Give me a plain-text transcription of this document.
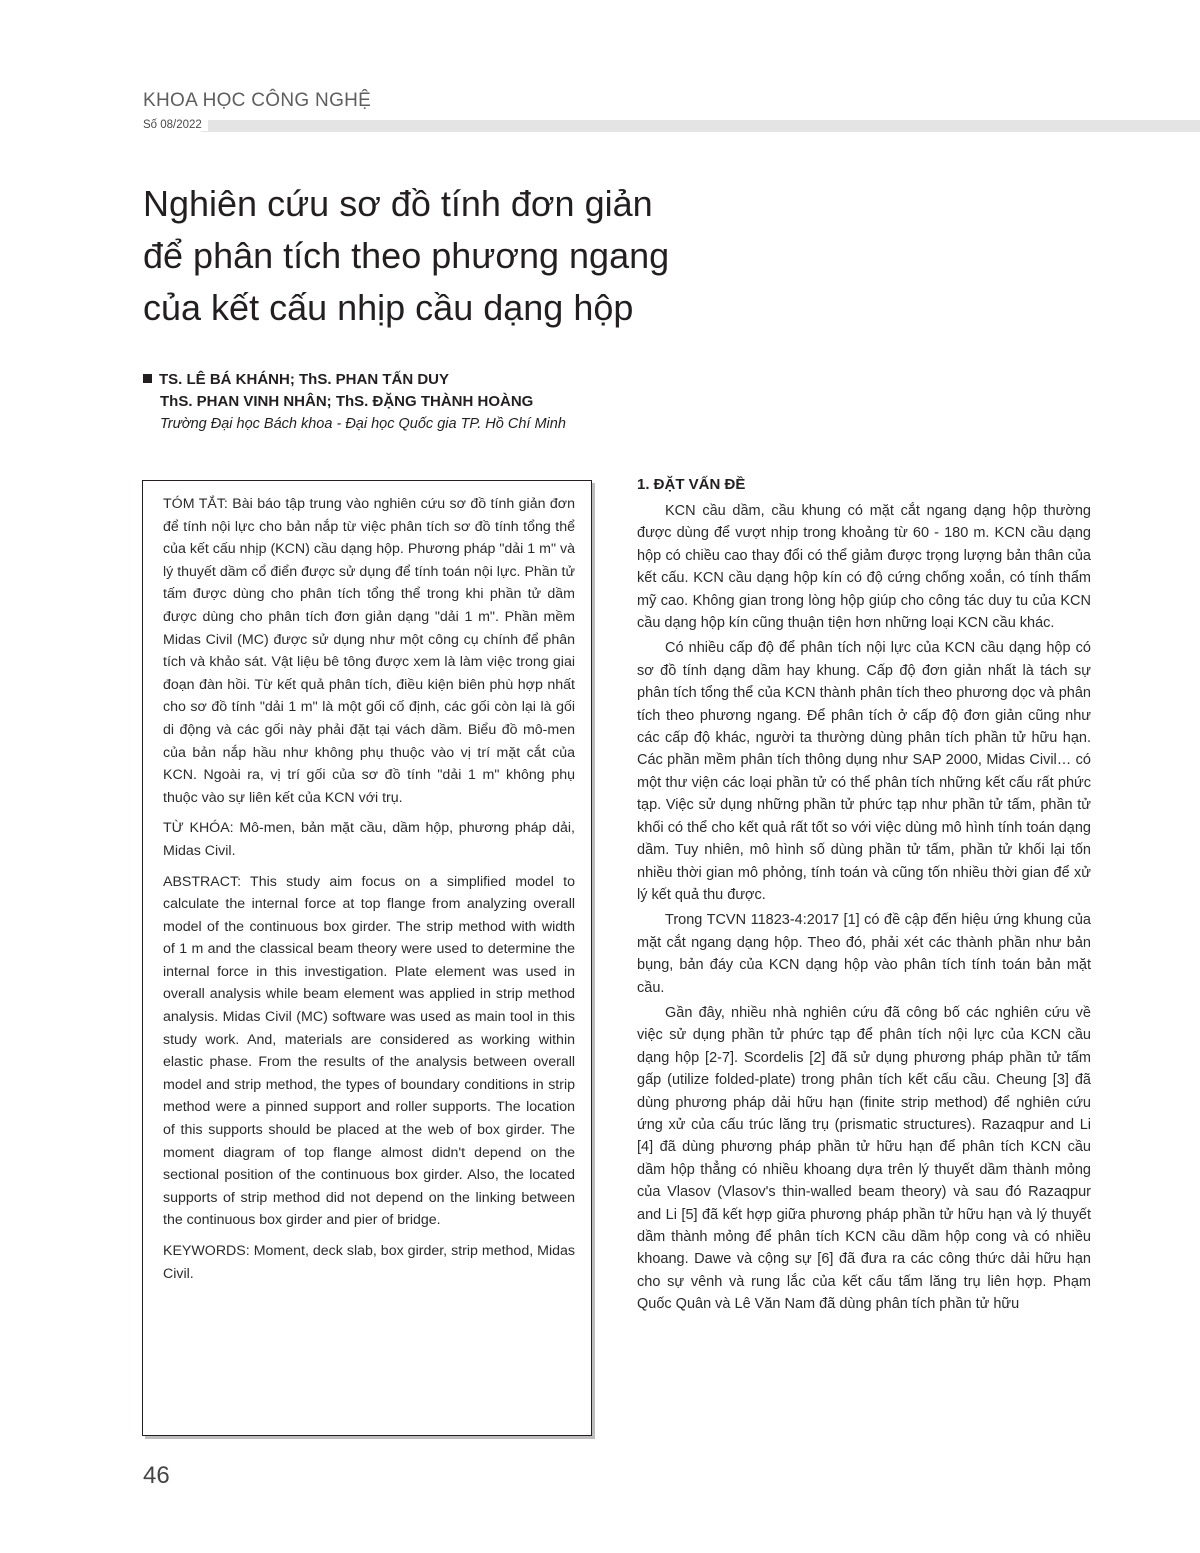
KHOA HỌC CÔNG NGHỆ
Số 08/2022
Nghiên cứu sơ đồ tính đơn giản
để phân tích theo phương ngang
của kết cấu nhịp cầu dạng hộp
TS. LÊ BÁ KHÁNH; ThS. PHAN TẤN DUY
ThS. PHAN VINH NHÂN; ThS. ĐẶNG THÀNH HOÀNG
Trường Đại học Bách khoa - Đại học Quốc gia TP. Hồ Chí Minh

TÓM TẮT: Bài báo tập trung vào nghiên cứu sơ đồ tính giản đơn để tính nội lực cho bản nắp từ việc phân tích sơ đồ tính tổng thể của kết cấu nhịp (KCN) cầu dạng hộp. Phương pháp "dải 1 m" và lý thuyết dầm cổ điển được sử dụng để tính toán nội lực. Phần tử tấm được dùng cho phân tích tổng thể trong khi phần tử dầm được dùng cho phân tích đơn giản dạng "dải 1 m". Phần mềm Midas Civil (MC) được sử dụng như một công cụ chính để phân tích và khảo sát. Vật liệu bê tông được xem là làm việc trong giai đoạn đàn hồi. Từ kết quả phân tích, điều kiện biên phù hợp nhất cho sơ đồ tính "dải 1 m" là một gối cố định, các gối còn lại là gối di động và các gối này phải đặt tại vách dầm. Biểu đồ mô-men của bản nắp hầu như không phụ thuộc vào vị trí mặt cắt của KCN. Ngoài ra, vị trí gối của sơ đồ tính "dải 1 m" không phụ thuộc vào sự liên kết của KCN với trụ.

TỪ KHÓA: Mô-men, bản mặt cầu, dầm hộp, phương pháp dải, Midas Civil.

ABSTRACT: This study aim focus on a simplified model to calculate the internal force at top flange from analyzing overall model of the continuous box girder. The strip method with width of 1 m and the classical beam theory were used to determine the internal force in this investigation. Plate element was used in overall analysis while beam element was applied in strip method analysis. Midas Civil (MC) software was used as main tool in this study work. And, materials are considered as working within elastic phase. From the results of the analysis between overall model and strip method, the types of boundary conditions in strip method were a pinned support and roller supports. The location of this supports should be placed at the web of box girder. The moment diagram of top flange almost didn't depend on the sectional position of the continuous box girder. Also, the located supports of strip method did not depend on the linking between the continuous box girder and pier of bridge.

KEYWORDS: Moment, deck slab, box girder, strip method, Midas Civil.

1. ĐẶT VẤN ĐỀ

KCN cầu dầm, cầu khung có mặt cắt ngang dạng hộp thường được dùng để vượt nhịp trong khoảng từ 60 - 180 m. KCN cầu dạng hộp có chiều cao thay đổi có thể giảm được trọng lượng bản thân của kết cấu. KCN cầu dạng hộp kín có độ cứng chống xoắn, có tính thẩm mỹ cao. Không gian trong lòng hộp giúp cho công tác duy tu của KCN cầu dạng hộp kín cũng thuận tiện hơn những loại KCN cầu khác.

Có nhiều cấp độ để phân tích nội lực của KCN cầu dạng hộp có sơ đồ tính dạng dầm hay khung. Cấp độ đơn giản nhất là tách sự phân tích tổng thể của KCN thành phân tích theo phương dọc và phân tích theo phương ngang. Để phân tích ở cấp độ đơn giản cũng như các cấp độ khác, người ta thường dùng phân tích phần tử hữu hạn. Các phần mềm phân tích thông dụng như SAP 2000, Midas Civil… có một thư viện các loại phần tử có thể phân tích những kết cấu rất phức tạp. Việc sử dụng những phần tử phức tạp như phần tử tấm, phần tử khối có thể cho kết quả rất tốt so với việc dùng mô hình tính toán dạng dầm. Tuy nhiên, mô hình số dùng phần tử tấm, phần tử khối lại tốn nhiều thời gian mô phỏng, tính toán và cũng tốn nhiều thời gian để xử lý kết quả thu được.

Trong TCVN 11823-4:2017 [1] có đề cập đến hiệu ứng khung của mặt cắt ngang dạng hộp. Theo đó, phải xét các thành phần như bản bụng, bản đáy của KCN dạng hộp vào phân tích tính toán bản mặt cầu.

Gần đây, nhiều nhà nghiên cứu đã công bố các nghiên cứu về việc sử dụng phần tử phức tạp để phân tích nội lực của KCN cầu dạng hộp [2-7]. Scordelis [2] đã sử dụng phương pháp phần tử tấm gấp (utilize folded-plate) trong phân tích kết cấu cầu. Cheung [3] đã dùng phương pháp dải hữu hạn (finite strip method) để nghiên cứu ứng xử của cấu trúc lăng trụ (prismatic structures). Razaqpur and Li [4] đã dùng phương pháp phần tử hữu hạn để phân tích KCN cầu dầm hộp thẳng có nhiều khoang dựa trên lý thuyết dầm thành mỏng của Vlasov (Vlasov's thin-walled beam theory) và sau đó Razaqpur and Li [5] đã kết hợp giữa phương pháp phần tử hữu hạn và lý thuyết dầm thành mỏng để phân tích KCN cầu dầm hộp cong và có nhiều khoang. Dawe và cộng sự [6] đã đưa ra các công thức dải hữu hạn cho sự vênh và rung lắc của kết cấu tấm lăng trụ liên hợp. Phạm Quốc Quân và Lê Văn Nam đã dùng phân tích phần tử hữu

46
